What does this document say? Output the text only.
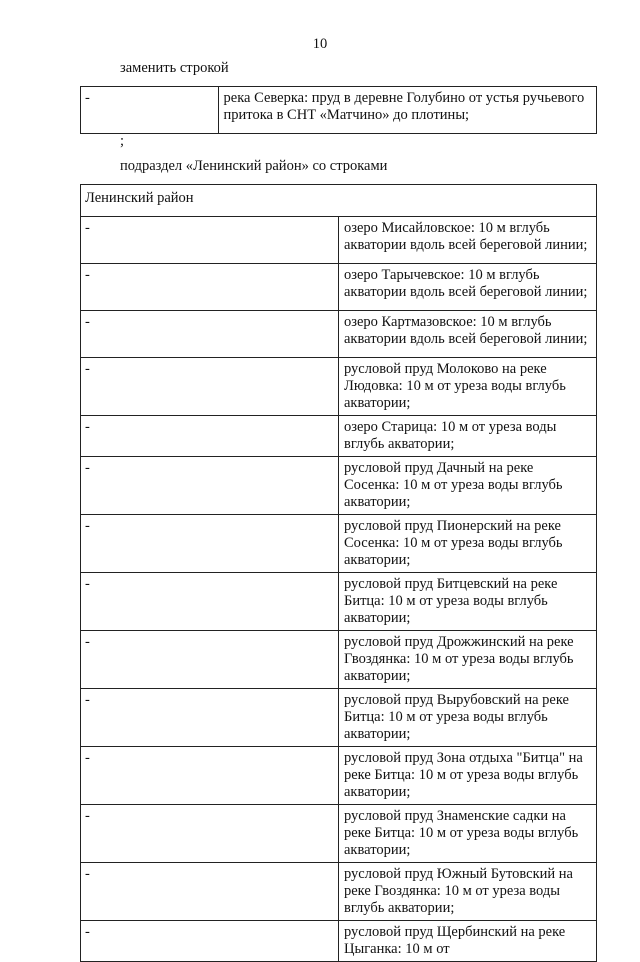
10
заменить строкой
-	река Северка: пруд в деревне Голубино от устья ручьевого притока в СНТ «Матчино» до плотины;
;
подраздел «Ленинский район» со строками
Ленинский район	
-	озеро Мисайловское: 10 м вглубь акватории вдоль всей береговой линии;
-	озеро Тарычевское: 10 м вглубь акватории вдоль всей береговой линии;
-	озеро Картмазовское: 10 м вглубь акватории вдоль всей береговой линии;
-	русловой пруд Молоково на реке Людовка: 10 м от уреза воды вглубь акватории;
-	озеро Старица: 10 м от уреза воды вглубь акватории;
-	русловой пруд Дачный на реке Сосенка: 10 м от уреза воды вглубь акватории;
-	русловой пруд Пионерский на реке Сосенка: 10 м от уреза воды вглубь акватории;
-	русловой пруд Битцевский на реке Битца: 10 м от уреза воды вглубь акватории;
-	русловой пруд Дрожжинский на реке Гвоздянка: 10 м от уреза воды вглубь акватории;
-	русловой пруд Вырубовский на реке Битца: 10 м от уреза воды вглубь акватории;
-	русловой пруд Зона отдыха "Битца" на реке Битца: 10 м от уреза воды вглубь акватории;
-	русловой пруд Знаменские садки на реке Битца: 10 м от уреза воды вглубь акватории;
-	русловой пруд Южный Бутовский на реке Гвоздянка: 10 м от уреза воды вглубь акватории;
-	русловой пруд Щербинский на реке Цыганка: 10 м от
